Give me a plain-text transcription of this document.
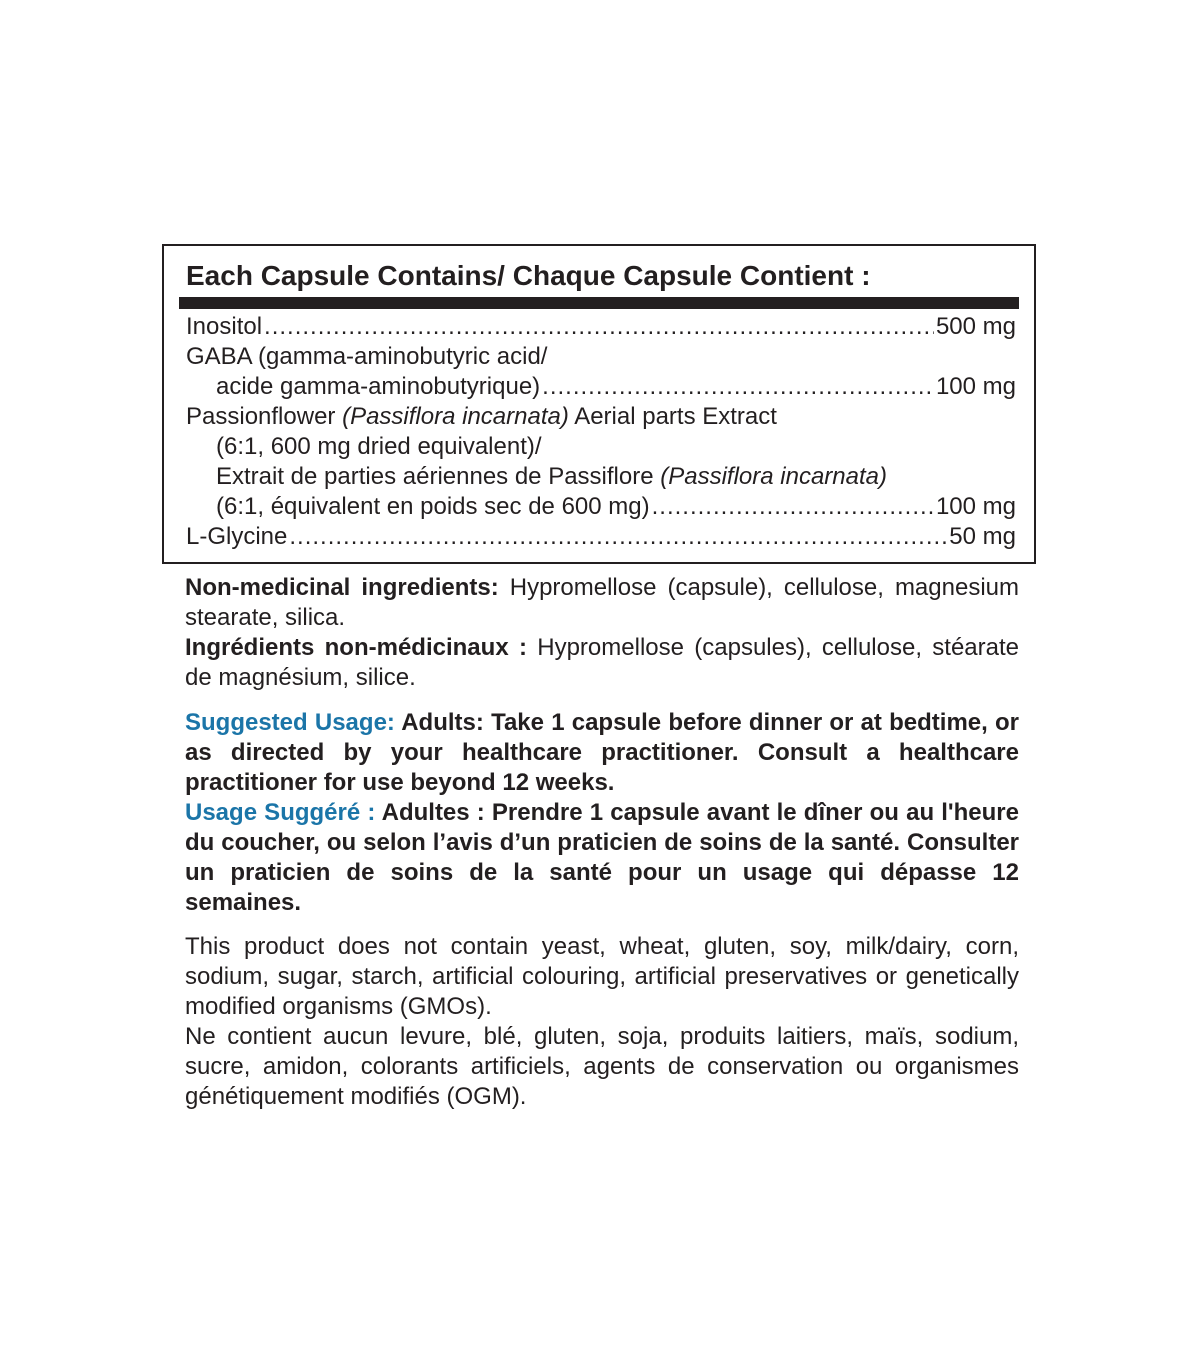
Each Capsule Contains/ Chaque Capsule Contient :
Inositol .....	500 mg
GABA (gamma-aminobutyric acid/
acide gamma-aminobutyrique) .....	100 mg
Passionflower (Passiflora incarnata) Aerial parts Extract
(6:1, 600 mg dried equivalent)/
Extrait de parties aériennes de Passiflore (Passiflora incarnata)
(6:1, équivalent en poids sec de 600 mg) .....	100 mg
L-Glycine .....	50 mg

Non-medicinal ingredients: Hypromellose (capsule), cellulose, magnesium stearate, silica.

Ingrédients non-médicinaux : Hypromellose (capsules), cellulose, stéarate de magnésium, silice.

Suggested Usage: Adults: Take 1 capsule before dinner or at bedtime, or as directed by your healthcare practitioner. Consult a healthcare practitioner for use beyond 12 weeks.

Usage Suggéré : Adultes : Prendre 1 capsule avant le dîner ou au l'heure du coucher, ou selon l’avis d’un praticien de soins de la santé. Consulter un praticien de soins de la santé pour un usage qui dépasse 12 semaines.

This product does not contain yeast, wheat, gluten, soy, milk/dairy, corn, sodium, sugar, starch, artificial colouring, artificial preservatives or genetically modified organisms (GMOs).

Ne contient aucun levure, blé, gluten, soja, produits laitiers, maïs, sodium, sucre, amidon, colorants artificiels, agents de conservation ou organismes génétiquement modifiés (OGM).
